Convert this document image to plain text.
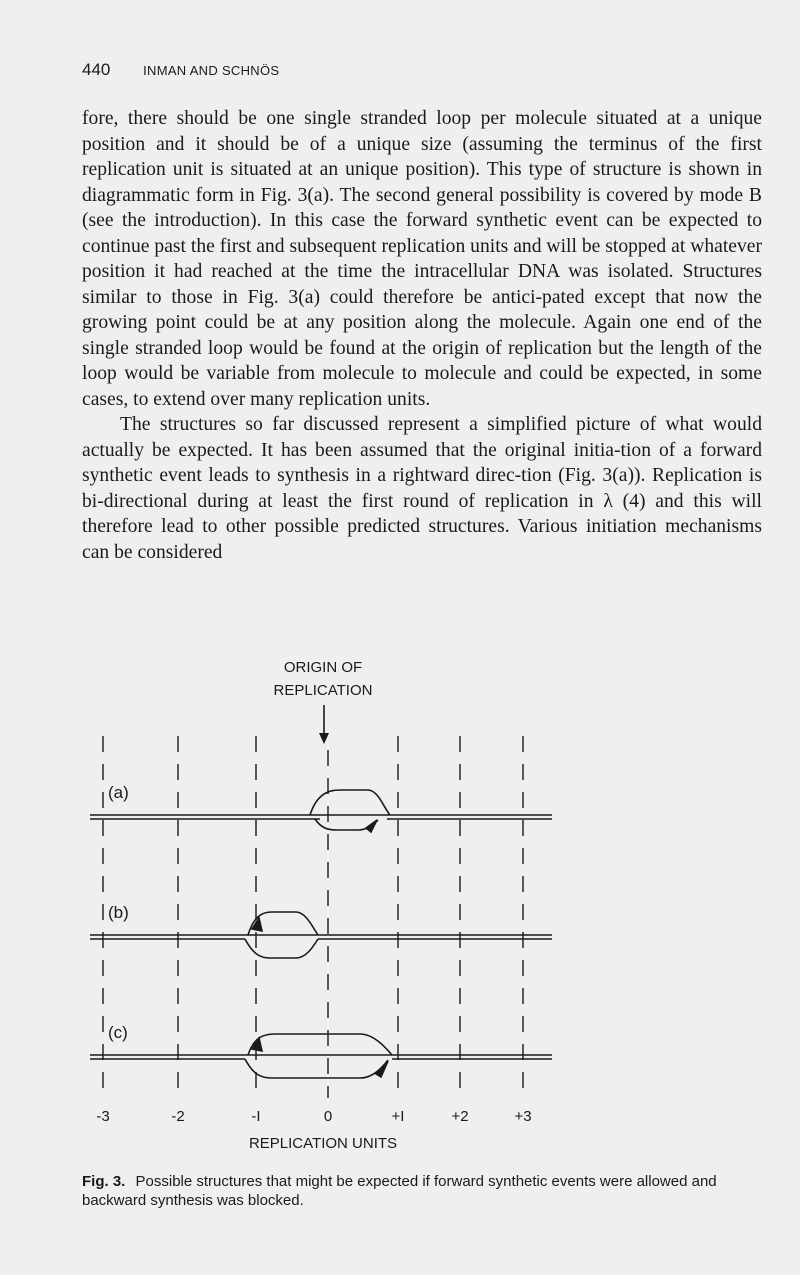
440	INMAN AND SCHNÖS

fore, there should be one single stranded loop per molecule situated at a unique position and it should be of a unique size (assuming the terminus of the first replication unit is situated at an unique position). This type of structure is shown in diagrammatic form in Fig. 3(a). The second general possibility is covered by mode B (see the introduction). In this case the forward synthetic event can be expected to continue past the first and subsequent replication units and will be stopped at whatever position it had reached at the time the intracellular DNA was isolated. Structures similar to those in Fig. 3(a) could therefore be antici-pated except that now the growing point could be at any position along the molecule. Again one end of the single stranded loop would be found at the origin of replication but the length of the loop would be variable from molecule to molecule and could be expected, in some cases, to extend over many replication units.

The structures so far discussed represent a simplified picture of what would actually be expected. It has been assumed that the original initia-tion of a forward synthetic event leads to synthesis in a rightward direc-tion (Fig. 3(a)). Replication is bi-directional during at least the first round of replication in λ (4) and this will therefore lead to other possible predicted structures. Various initiation mechanisms can be considered

ORIGIN OF
REPLICATION
(a)
(b)
(c)
-3	-2	-I	0	+I	+2	+3
REPLICATION UNITS
Fig. 3. Possible structures that might be expected if forward synthetic events were allowed and backward synthesis was blocked.
